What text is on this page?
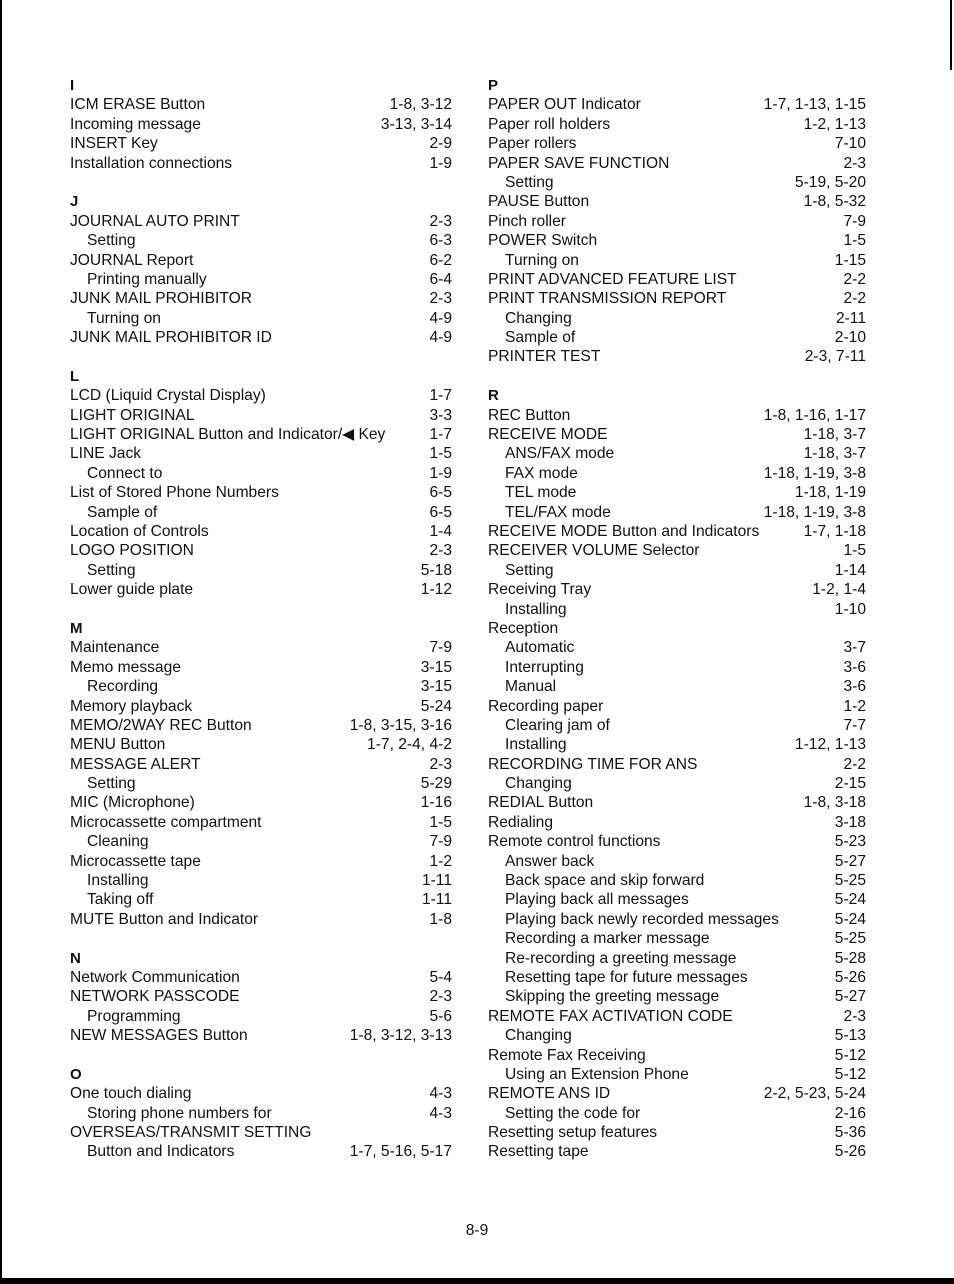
I
ICM ERASE Button	1-8, 3-12
Incoming message	3-13, 3-14
INSERT Key	2-9
Installation connections	1-9
J
JOURNAL AUTO PRINT	2-3
Setting	6-3
JOURNAL Report	6-2
Printing manually	6-4
JUNK MAIL PROHIBITOR	2-3
Turning on	4-9
JUNK MAIL PROHIBITOR ID	4-9
L
LCD (Liquid Crystal Display)	1-7
LIGHT ORIGINAL	3-3
LIGHT ORIGINAL Button and Indicator/◀ Key	1-7
LINE Jack	1-5
Connect to	1-9
List of Stored Phone Numbers	6-5
Sample of	6-5
Location of Controls	1-4
LOGO POSITION	2-3
Setting	5-18
Lower guide plate	1-12
M
Maintenance	7-9
Memo message	3-15
Recording	3-15
Memory playback	5-24
MEMO/2WAY REC Button	1-8, 3-15, 3-16
MENU Button	1-7, 2-4, 4-2
MESSAGE ALERT	2-3
Setting	5-29
MIC (Microphone)	1-16
Microcassette compartment	1-5
Cleaning	7-9
Microcassette tape	1-2
Installing	1-11
Taking off	1-11
MUTE Button and Indicator	1-8
N
Network Communication	5-4
NETWORK PASSCODE	2-3
Programming	5-6
NEW MESSAGES Button	1-8, 3-12, 3-13
O
One touch dialing	4-3
Storing phone numbers for	4-3
OVERSEAS/TRANSMIT SETTING
Button and Indicators	1-7, 5-16, 5-17
P
PAPER OUT Indicator	1-7, 1-13, 1-15
Paper roll holders	1-2, 1-13
Paper rollers	7-10
PAPER SAVE FUNCTION	2-3
Setting	5-19, 5-20
PAUSE Button	1-8, 5-32
Pinch roller	7-9
POWER Switch	1-5
Turning on	1-15
PRINT ADVANCED FEATURE LIST	2-2
PRINT TRANSMISSION REPORT	2-2
Changing	2-11
Sample of	2-10
PRINTER TEST	2-3, 7-11
R
REC Button	1-8, 1-16, 1-17
RECEIVE MODE	1-18, 3-7
ANS/FAX mode	1-18, 3-7
FAX mode	1-18, 1-19, 3-8
TEL mode	1-18, 1-19
TEL/FAX mode	1-18, 1-19, 3-8
RECEIVE MODE Button and Indicators	1-7, 1-18
RECEIVER VOLUME Selector	1-5
Setting	1-14
Receiving Tray	1-2, 1-4
Installing	1-10
Reception
Automatic	3-7
Interrupting	3-6
Manual	3-6
Recording paper	1-2
Clearing jam of	7-7
Installing	1-12, 1-13
RECORDING TIME FOR ANS	2-2
Changing	2-15
REDIAL Button	1-8, 3-18
Redialing	3-18
Remote control functions	5-23
Answer back	5-27
Back space and skip forward	5-25
Playing back all messages	5-24
Playing back newly recorded messages	5-24
Recording a marker message	5-25
Re-recording a greeting message	5-28
Resetting tape for future messages	5-26
Skipping the greeting message	5-27
REMOTE FAX ACTIVATION CODE	2-3
Changing	5-13
Remote Fax Receiving	5-12
Using an Extension Phone	5-12
REMOTE ANS ID	2-2, 5-23, 5-24
Setting the code for	2-16
Resetting setup features	5-36
Resetting tape	5-26
8-9
